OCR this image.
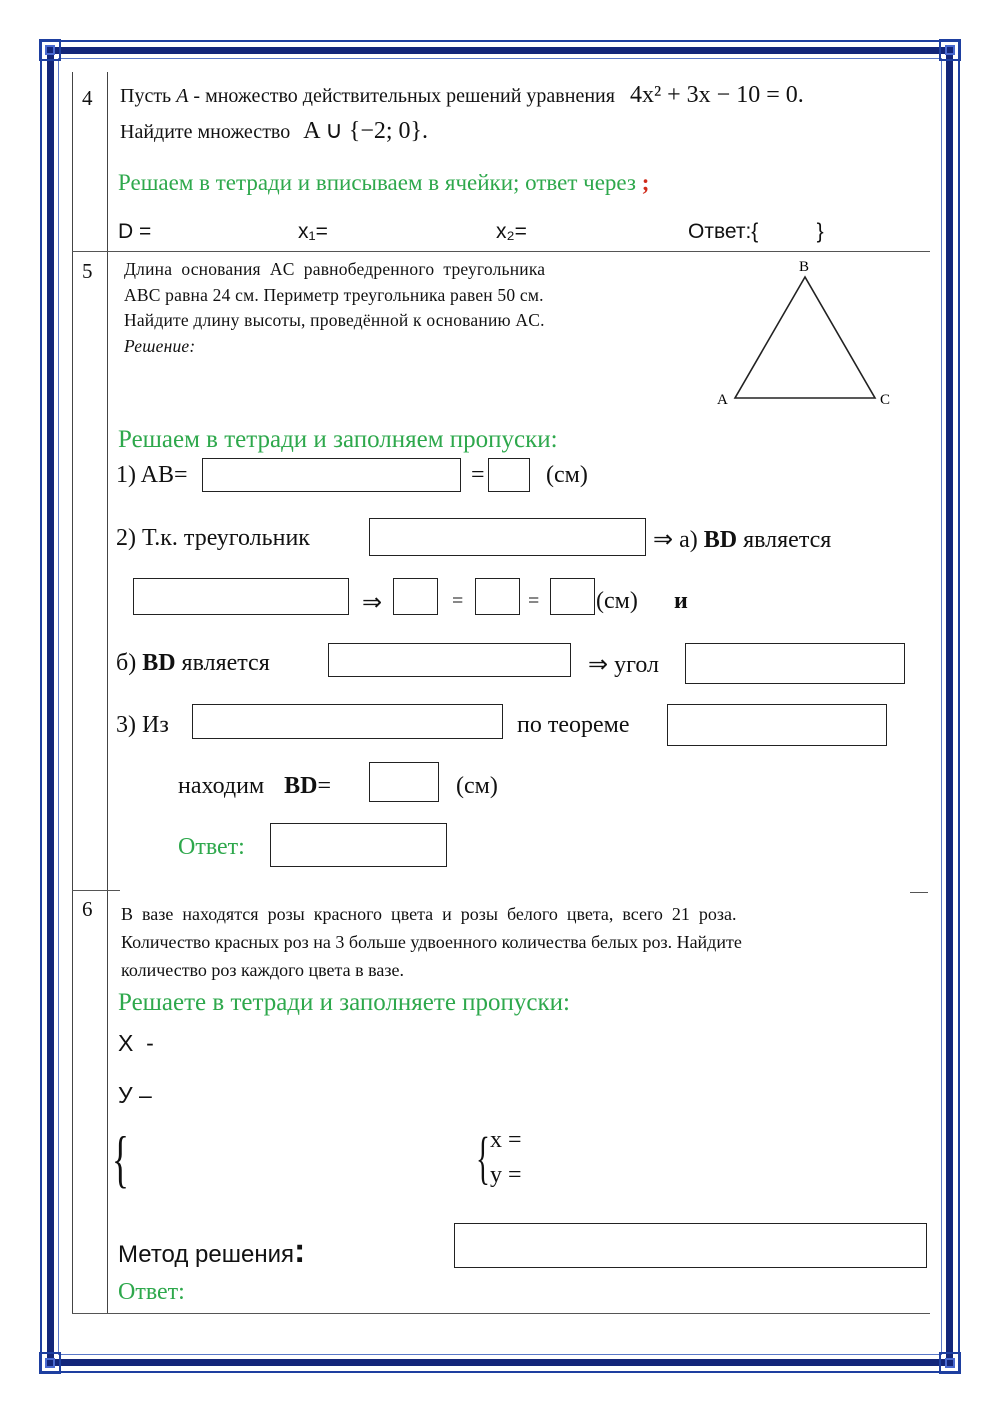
4 Пусть A - множество действительных решений уравнения 4x² + 3x − 10 = 0.
Найдите множество A ∪ {−2; 0}.
Решаем в тетради и вписываем в ячейки; ответ через ;
D =	x₁=	x₂=	Ответ:{          }
5 Длина  основания  AC  равнобедренного  треугольника
ABC равна 24 см. Периметр треугольника равен 50 см.
Найдите длину высоты, проведённой к основанию AC.
Решение:
B
A	C
Решаем в тетради и заполняем пропуски:
1) AB=	=	(см)
2) Т.к. треугольник	⇒ а) BD является
⇒	=	= (см) и
б) BD является	⇒ угол
3) Из	по теореме
находим BD=	(см)
Ответ:
6 В  вазе  находятся  розы  красного  цвета  и  розы  белого  цвета,  всего  21  роза.
Количество красных роз на 3 больше удвоенного количества белых роз. Найдите
количество роз каждого цвета в вазе.
Решаете в тетради и заполняете пропуски:
Х  -
У –
{	{ x =
y =
Метод решения:
Ответ:
